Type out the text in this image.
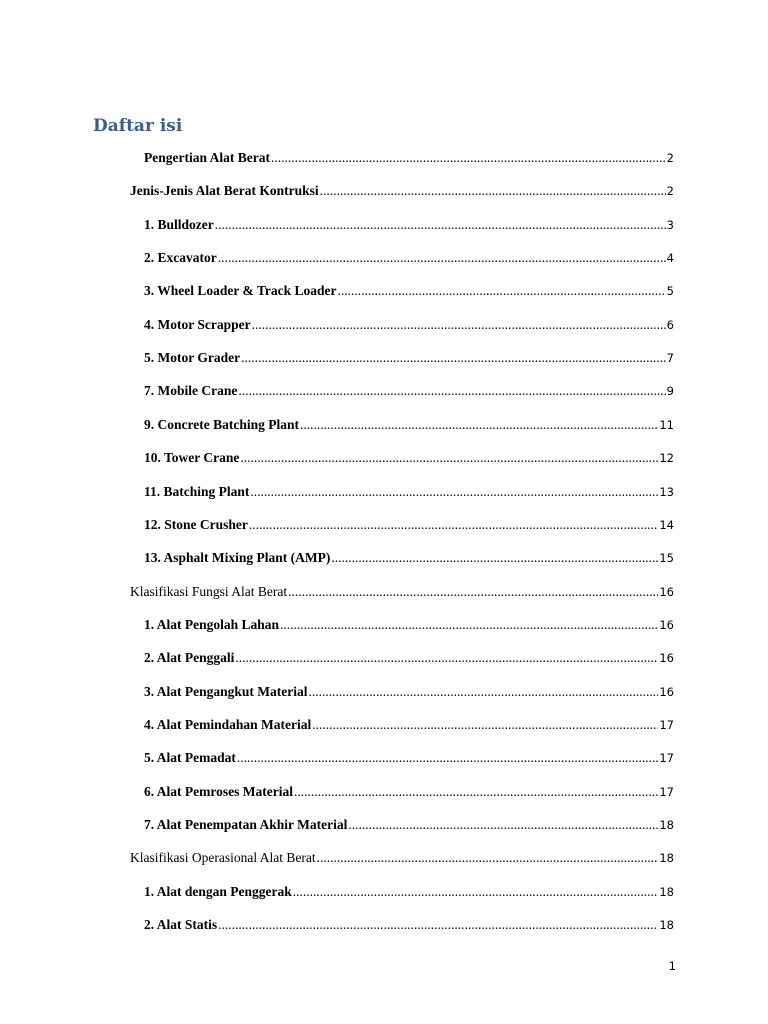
Daftar isi
Pengertian Alat Berat .....	2
Jenis-Jenis Alat Berat Kontruksi .....	2
1. Bulldozer .....	3
2. Excavator .....	4
3. Wheel Loader & Track Loader .....	5
4. Motor Scrapper .....	6
5. Motor Grader .....	7
7. Mobile Crane .....	9
9. Concrete Batching Plant .....	11
10. Tower Crane .....	12
11. Batching Plant .....	13
12. Stone Crusher .....	14
13. Asphalt Mixing Plant (AMP) .....	15
Klasifikasi Fungsi Alat Berat .....	16
1. Alat Pengolah Lahan .....	16
2. Alat Penggali .....	16
3. Alat Pengangkut Material .....	16
4. Alat Pemindahan Material .....	17
5. Alat Pemadat .....	17
6. Alat Pemroses Material .....	17
7. Alat Penempatan Akhir Material .....	18
Klasifikasi Operasional Alat Berat .....	18
1. Alat dengan Penggerak .....	18
2. Alat Statis .....	18
1
